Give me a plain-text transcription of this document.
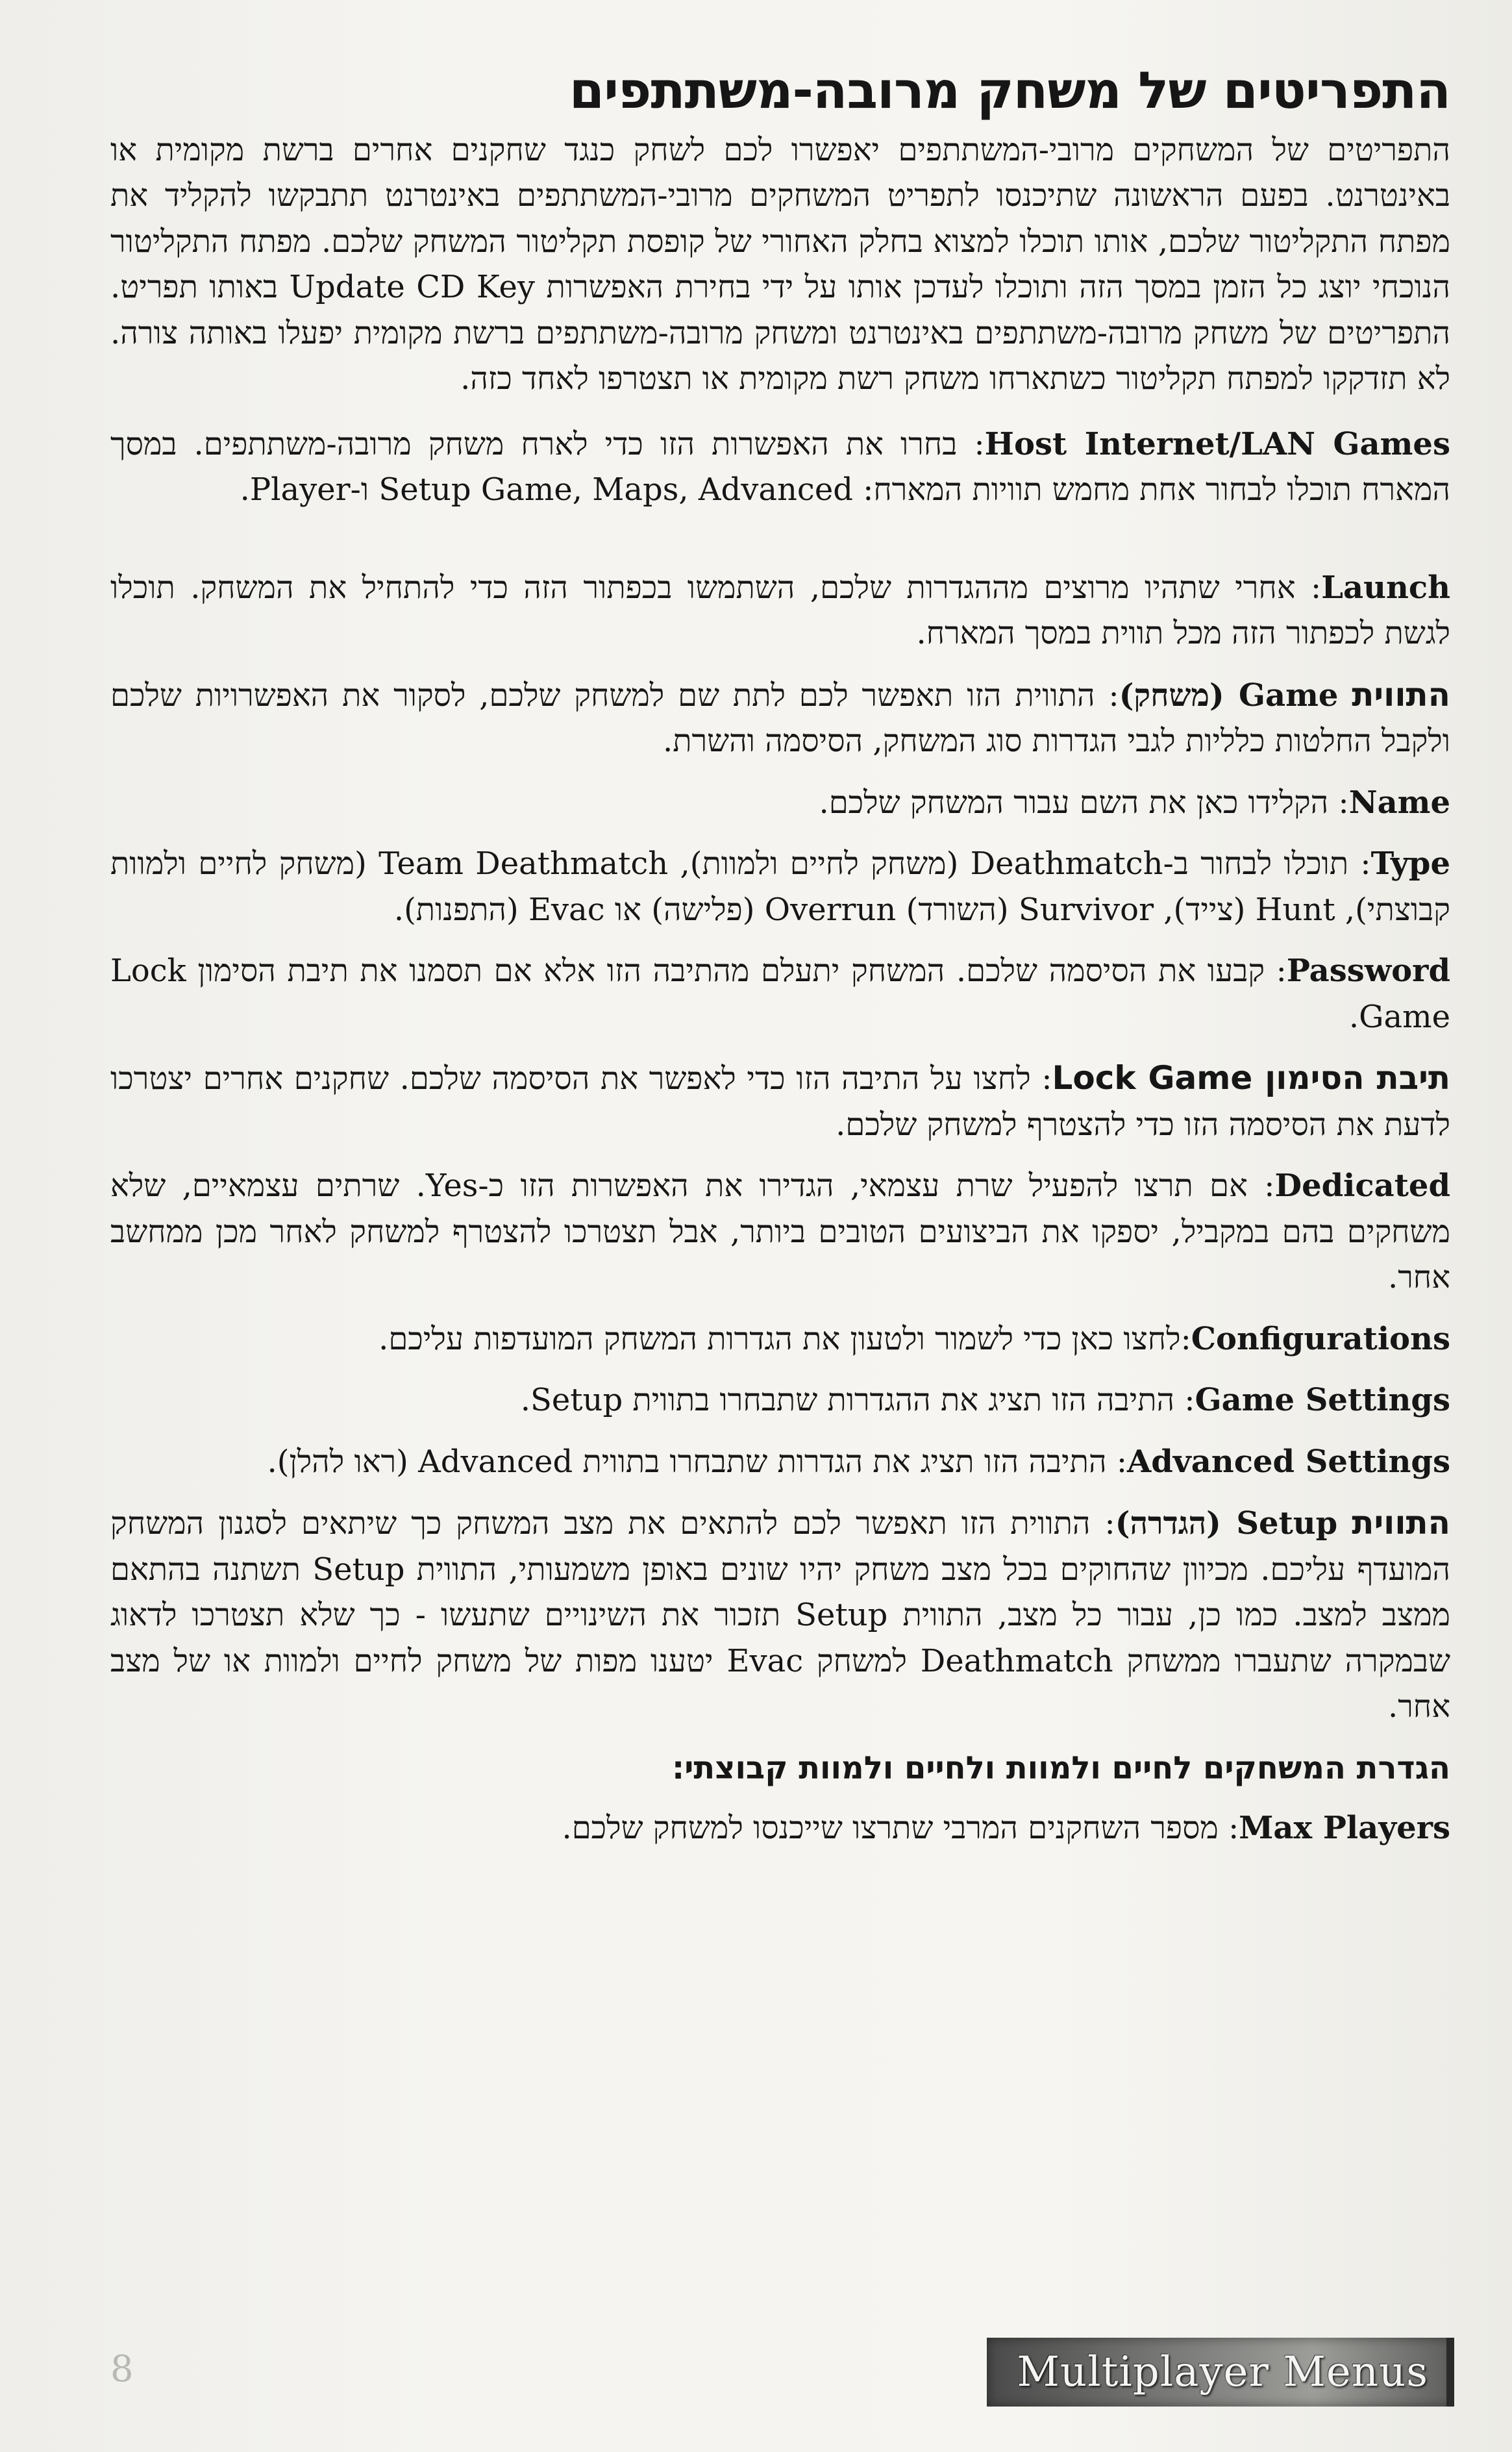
התפריטים של משחק מרובה-משתתפים

התפריטים של המשחקים מרובי-המשתתפים יאפשרו לכם לשחק כנגד שחקנים אחרים ברשת מקומית או באינטרנט. בפעם הראשונה שתיכנסו לתפריט המשחקים מרובי-המשתתפים באינטרנט תתבקשו להקליד את מפתח התקליטור שלכם, אותו תוכלו למצוא בחלק האחורי של קופסת תקליטור המשחק שלכם. מפתח התקליטור הנוכחי יוצג כל הזמן במסך הזה ותוכלו לעדכן אותו על ידי בחירת האפשרות Update CD Key באותו תפריט. התפריטים של משחק מרובה-משתתפים באינטרנט ומשחק מרובה-משתתפים ברשת מקומית יפעלו באותה צורה. לא תזדקקו למפתח תקליטור כשתארחו משחק רשת מקומית או תצטרפו לאחד כזה.

Host Internet/LAN Games: בחרו את האפשרות הזו כדי לארח משחק מרובה-משתתפים. במסך המארח תוכלו לבחור אחת מחמש תוויות המארח: Setup Game, Maps, Advanced ו-Player.

Launch: אחרי שתהיו מרוצים מההגדרות שלכם, השתמשו בכפתור הזה כדי להתחיל את המשחק. תוכלו לגשת לכפתור הזה מכל תווית במסך המארח.

התווית Game (משחק): התווית הזו תאפשר לכם לתת שם למשחק שלכם, לסקור את האפשרויות שלכם ולקבל החלטות כלליות לגבי הגדרות סוג המשחק, הסיסמה והשרת.

Name: הקלידו כאן את השם עבור המשחק שלכם.

Type: תוכלו לבחור ב-Deathmatch (משחק לחיים ולמוות), Team Deathmatch (משחק לחיים ולמוות קבוצתי), Hunt (צייד), Survivor (השורד) Overrun (פלישה) או Evac (התפנות).

Password: קבעו את הסיסמה שלכם. המשחק יתעלם מהתיבה הזו אלא אם תסמנו את תיבת הסימון Lock Game.

תיבת הסימון Lock Game: לחצו על התיבה הזו כדי לאפשר את הסיסמה שלכם. שחקנים אחרים יצטרכו לדעת את הסיסמה הזו כדי להצטרף למשחק שלכם.

Dedicated: אם תרצו להפעיל שרת עצמאי, הגדירו את האפשרות הזו כ-Yes. שרתים עצמאיים, שלא משחקים בהם במקביל, יספקו את הביצועים הטובים ביותר, אבל תצטרכו להצטרף למשחק לאחר מכן ממחשב אחר.

Configurations:לחצו כאן כדי לשמור ולטעון את הגדרות המשחק המועדפות עליכם.

Game Settings: התיבה הזו תציג את ההגדרות שתבחרו בתווית Setup.

Advanced Settings: התיבה הזו תציג את הגדרות שתבחרו בתווית Advanced (ראו להלן).

התווית Setup (הגדרה): התווית הזו תאפשר לכם להתאים את מצב המשחק כך שיתאים לסגנון המשחק המועדף עליכם. מכיוון שהחוקים בכל מצב משחק יהיו שונים באופן משמעותי, התווית Setup תשתנה בהתאם ממצב למצב. כמו כן, עבור כל מצב, התווית Setup תזכור את השינויים שתעשו - כך שלא תצטרכו לדאוג שבמקרה שתעברו ממשחק Deathmatch למשחק Evac יטענו מפות של משחק לחיים ולמוות או של מצב אחר.

הגדרת המשחקים לחיים ולמוות ולחיים ולמוות קבוצתי:

Max Players: מספר השחקנים המרבי שתרצו שייכנסו למשחק שלכם.

8	Multiplayer Menus
